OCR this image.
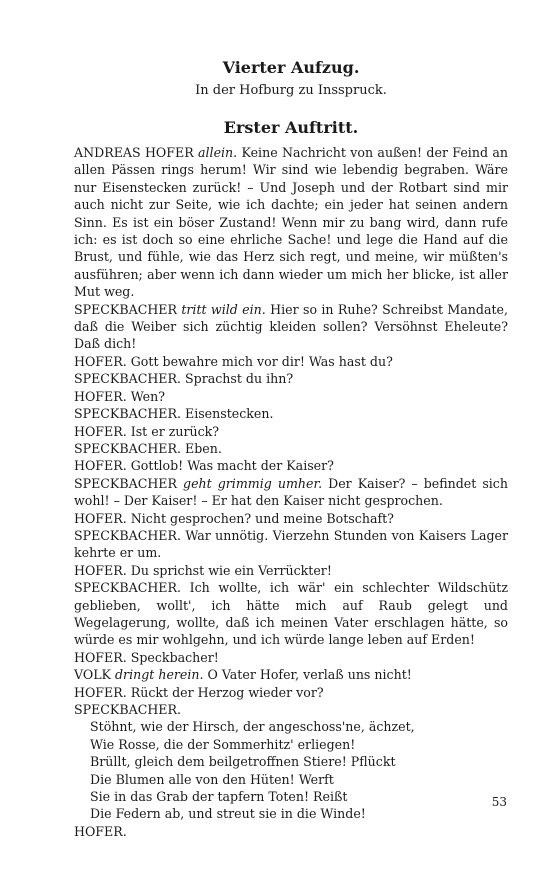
Vierter Aufzug.

In der Hofburg zu Insspruck.

Erster Auftritt.

ANDREAS HOFER allein. Keine Nachricht von außen! der Feind an allen Pässen rings herum! Wir sind wie lebendig begraben. Wäre nur Eisenstecken zurück! – Und Joseph und der Rotbart sind mir auch nicht zur Seite, wie ich dachte; ein jeder hat seinen andern Sinn. Es ist ein böser Zustand! Wenn mir zu bang wird, dann rufe ich: es ist doch so eine ehrliche Sache! und lege die Hand auf die Brust, und fühle, wie das Herz sich regt, und meine, wir müßten's ausführen; aber wenn ich dann wieder um mich her blicke, ist aller Mut weg.

SPECKBACHER tritt wild ein. Hier so in Ruhe? Schreibst Mandate, daß die Weiber sich züchtig kleiden sollen? Versöhnst Eheleute? Daß dich!

HOFER. Gott bewahre mich vor dir! Was hast du?

SPECKBACHER. Sprachst du ihn?

HOFER. Wen?

SPECKBACHER. Eisenstecken.

HOFER. Ist er zurück?

SPECKBACHER. Eben.

HOFER. Gottlob! Was macht der Kaiser?

SPECKBACHER geht grimmig umher. Der Kaiser? – befindet sich wohl! – Der Kaiser! – Er hat den Kaiser nicht gesprochen.

HOFER. Nicht gesprochen? und meine Botschaft?

SPECKBACHER. War unnötig. Vierzehn Stunden von Kaisers Lager kehrte er um.

HOFER. Du sprichst wie ein Verrückter!

SPECKBACHER. Ich wollte, ich wär' ein schlechter Wildschütz geblieben, wollt', ich hätte mich auf Raub gelegt und Wegelagerung, wollte, daß ich meinen Vater erschlagen hätte, so würde es mir wohlgehn, und ich würde lange leben auf Erden!

HOFER. Speckbacher!

VOLK dringt herein. O Vater Hofer, verlaß uns nicht!

HOFER. Rückt der Herzog wieder vor?

SPECKBACHER.

Stöhnt, wie der Hirsch, der angeschoss'ne, ächzet,

Wie Rosse, die der Sommerhitz' erliegen!

Brüllt, gleich dem beilgetroffnen Stiere! Pflückt

Die Blumen alle von den Hüten! Werft

Sie in das Grab der tapfern Toten! Reißt

Die Federn ab, und streut sie in die Winde!

HOFER.

53
